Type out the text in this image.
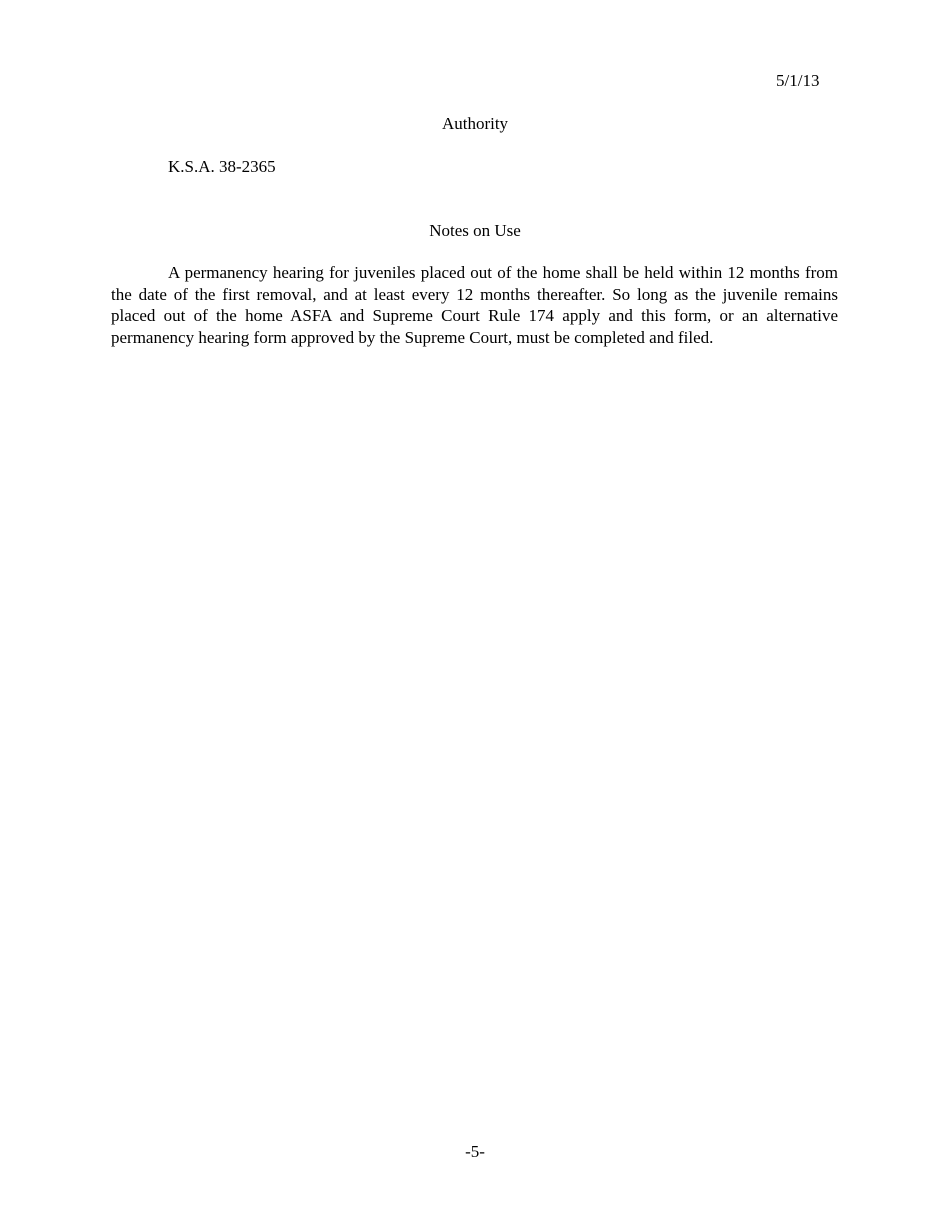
5/1/13
Authority
K.S.A. 38-2365
Notes on Use

A permanency hearing for juveniles placed out of the home shall be held within 12 months from the date of the first removal, and at least every 12 months thereafter. So long as the juvenile remains placed out of the home ASFA and Supreme Court Rule 174 apply and this form, or an alternative permanency hearing form approved by the Supreme Court, must be completed and filed.

-5-
